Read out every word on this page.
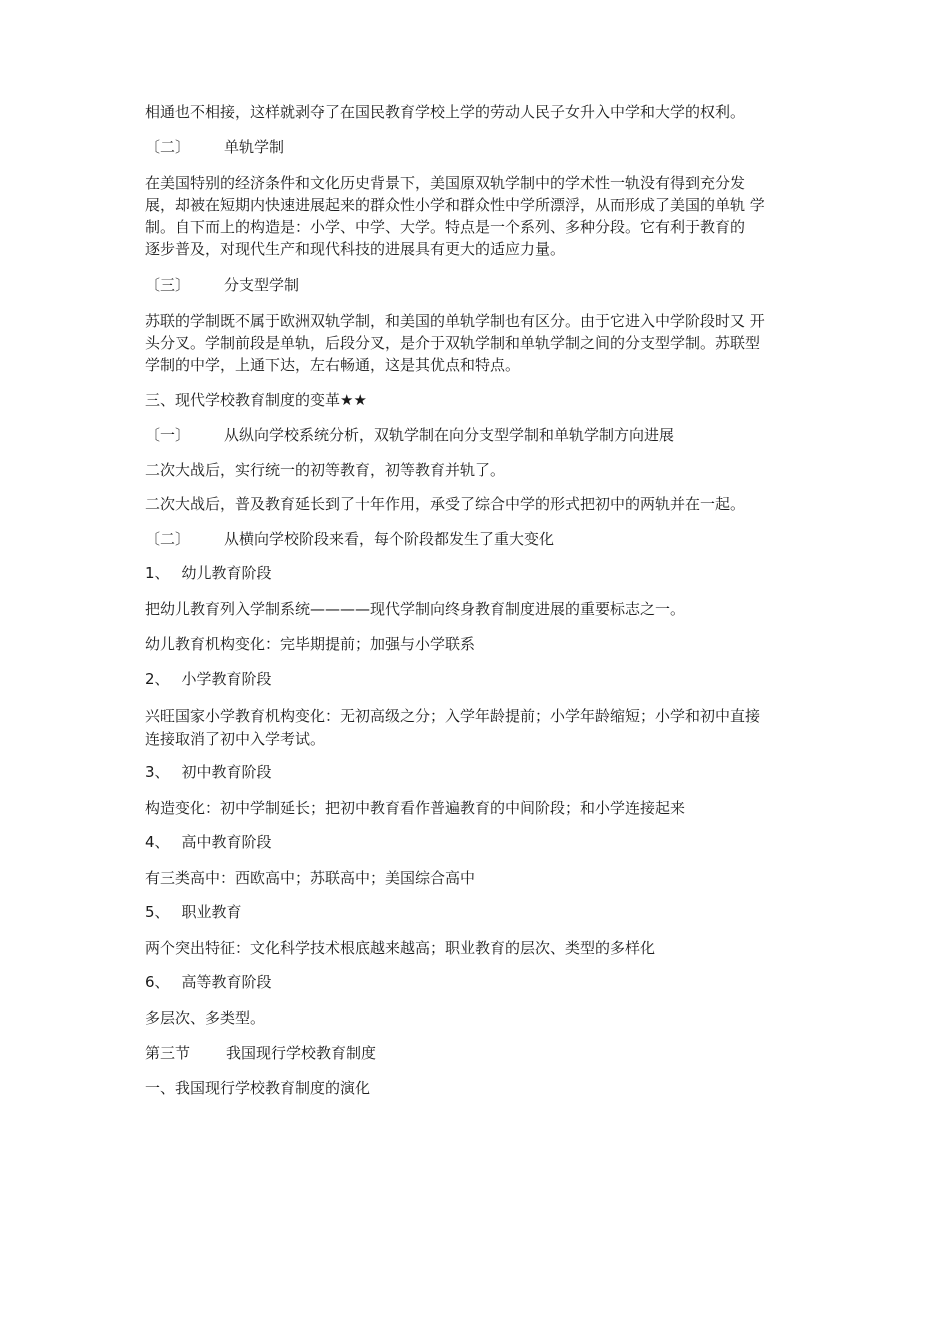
相通也不相接，这样就剥夺了在国民教育学校上学的劳动人民子女升入中学和大学的权利。
〔二〕 单轨学制
在美国特别的经济条件和文化历史背景下，美国原双轨学制中的学术性一轨没有得到充分发
展，却被在短期内快速进展起来的群众性小学和群众性中学所漂浮，从而形成了美国的单轨 学
制。自下而上的构造是：小学、中学、大学。特点是一个系列、多种分段。它有利于教育的
逐步普及，对现代生产和现代科技的进展具有更大的适应力量。
〔三〕 分支型学制
苏联的学制既不属于欧洲双轨学制，和美国的单轨学制也有区分。由于它进入中学阶段时又 开
头分叉。学制前段是单轨，后段分叉，是介于双轨学制和单轨学制之间的分支型学制。苏联型
学制的中学，上通下达，左右畅通，这是其优点和特点。
三、现代学校教育制度的变革★★
〔一〕 从纵向学校系统分析，双轨学制在向分支型学制和单轨学制方向进展
二次大战后，实行统一的初等教育，初等教育并轨了。
二次大战后，普及教育延长到了十年作用，承受了综合中学的形式把初中的两轨并在一起。
〔二〕 从横向学校阶段来看，每个阶段都发生了重大变化
1、 幼儿教育阶段
把幼儿教育列入学制系统————现代学制向终身教育制度进展的重要标志之一。
幼儿教育机构变化：完毕期提前；加强与小学联系
2、 小学教育阶段
兴旺国家小学教育机构变化：无初高级之分；入学年龄提前；小学年龄缩短；小学和初中直接
连接取消了初中入学考试。
3、 初中教育阶段
构造变化：初中学制延长；把初中教育看作普遍教育的中间阶段；和小学连接起来
4、 高中教育阶段
有三类高中：西欧高中；苏联高中；美国综合高中
5、 职业教育
两个突出特征：文化科学技术根底越来越高；职业教育的层次、类型的多样化
6、 高等教育阶段
多层次、多类型。
第三节 我国现行学校教育制度
一、我国现行学校教育制度的演化
